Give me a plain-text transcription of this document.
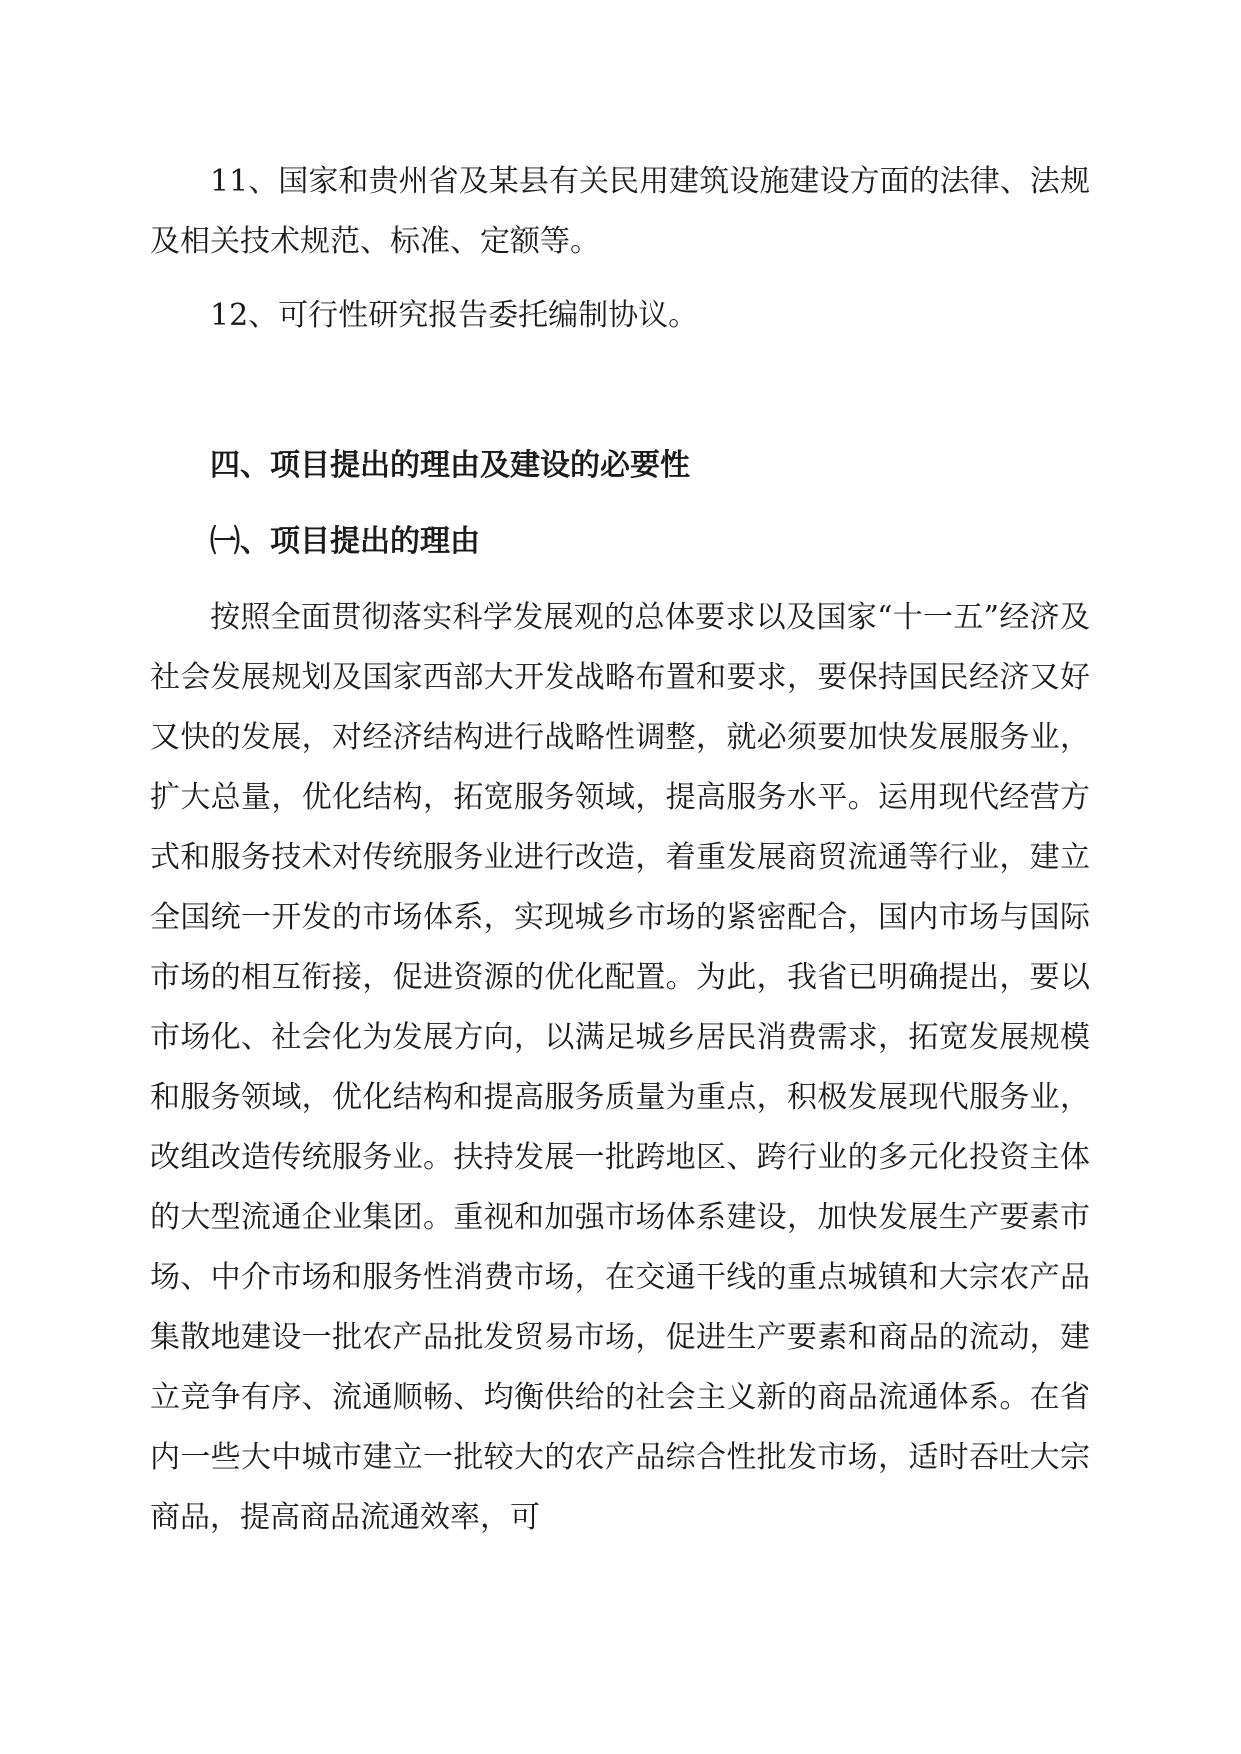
11、国家和贵州省及某县有关民用建筑设施建设方面的法律、法规及相关技术规范、标准、定额等。

12、可行性研究报告委托编制协议。

四、项目提出的理由及建设的必要性
㈠、项目提出的理由

按照全面贯彻落实科学发展观的总体要求以及国家“十一五”经济及社会发展规划及国家西部大开发战略布置和要求，要保持国民经济又好又快的发展，对经济结构进行战略性调整，就必须要加快发展服务业，扩大总量，优化结构，拓宽服务领域，提高服务水平。运用现代经营方式和服务技术对传统服务业进行改造，着重发展商贸流通等行业，建立全国统一开发的市场体系，实现城乡市场的紧密配合，国内市场与国际市场的相互衔接，促进资源的优化配置。为此，我省已明确提出，要以市场化、社会化为发展方向，以满足城乡居民消费需求，拓宽发展规模和服务领域，优化结构和提高服务质量为重点，积极发展现代服务业，改组改造传统服务业。扶持发展一批跨地区、跨行业的多元化投资主体的大型流通企业集团。重视和加强市场体系建设，加快发展生产要素市场、中介市场和服务性消费市场，在交通干线的重点城镇和大宗农产品集散地建设一批农产品批发贸易市场，促进生产要素和商品的流动，建立竞争有序、流通顺畅、均衡供给的社会主义新的商品流通体系。在省内一些大中城市建立一批较大的农产品综合性批发市场，适时吞吐大宗商品，提高商品流通效率，可
